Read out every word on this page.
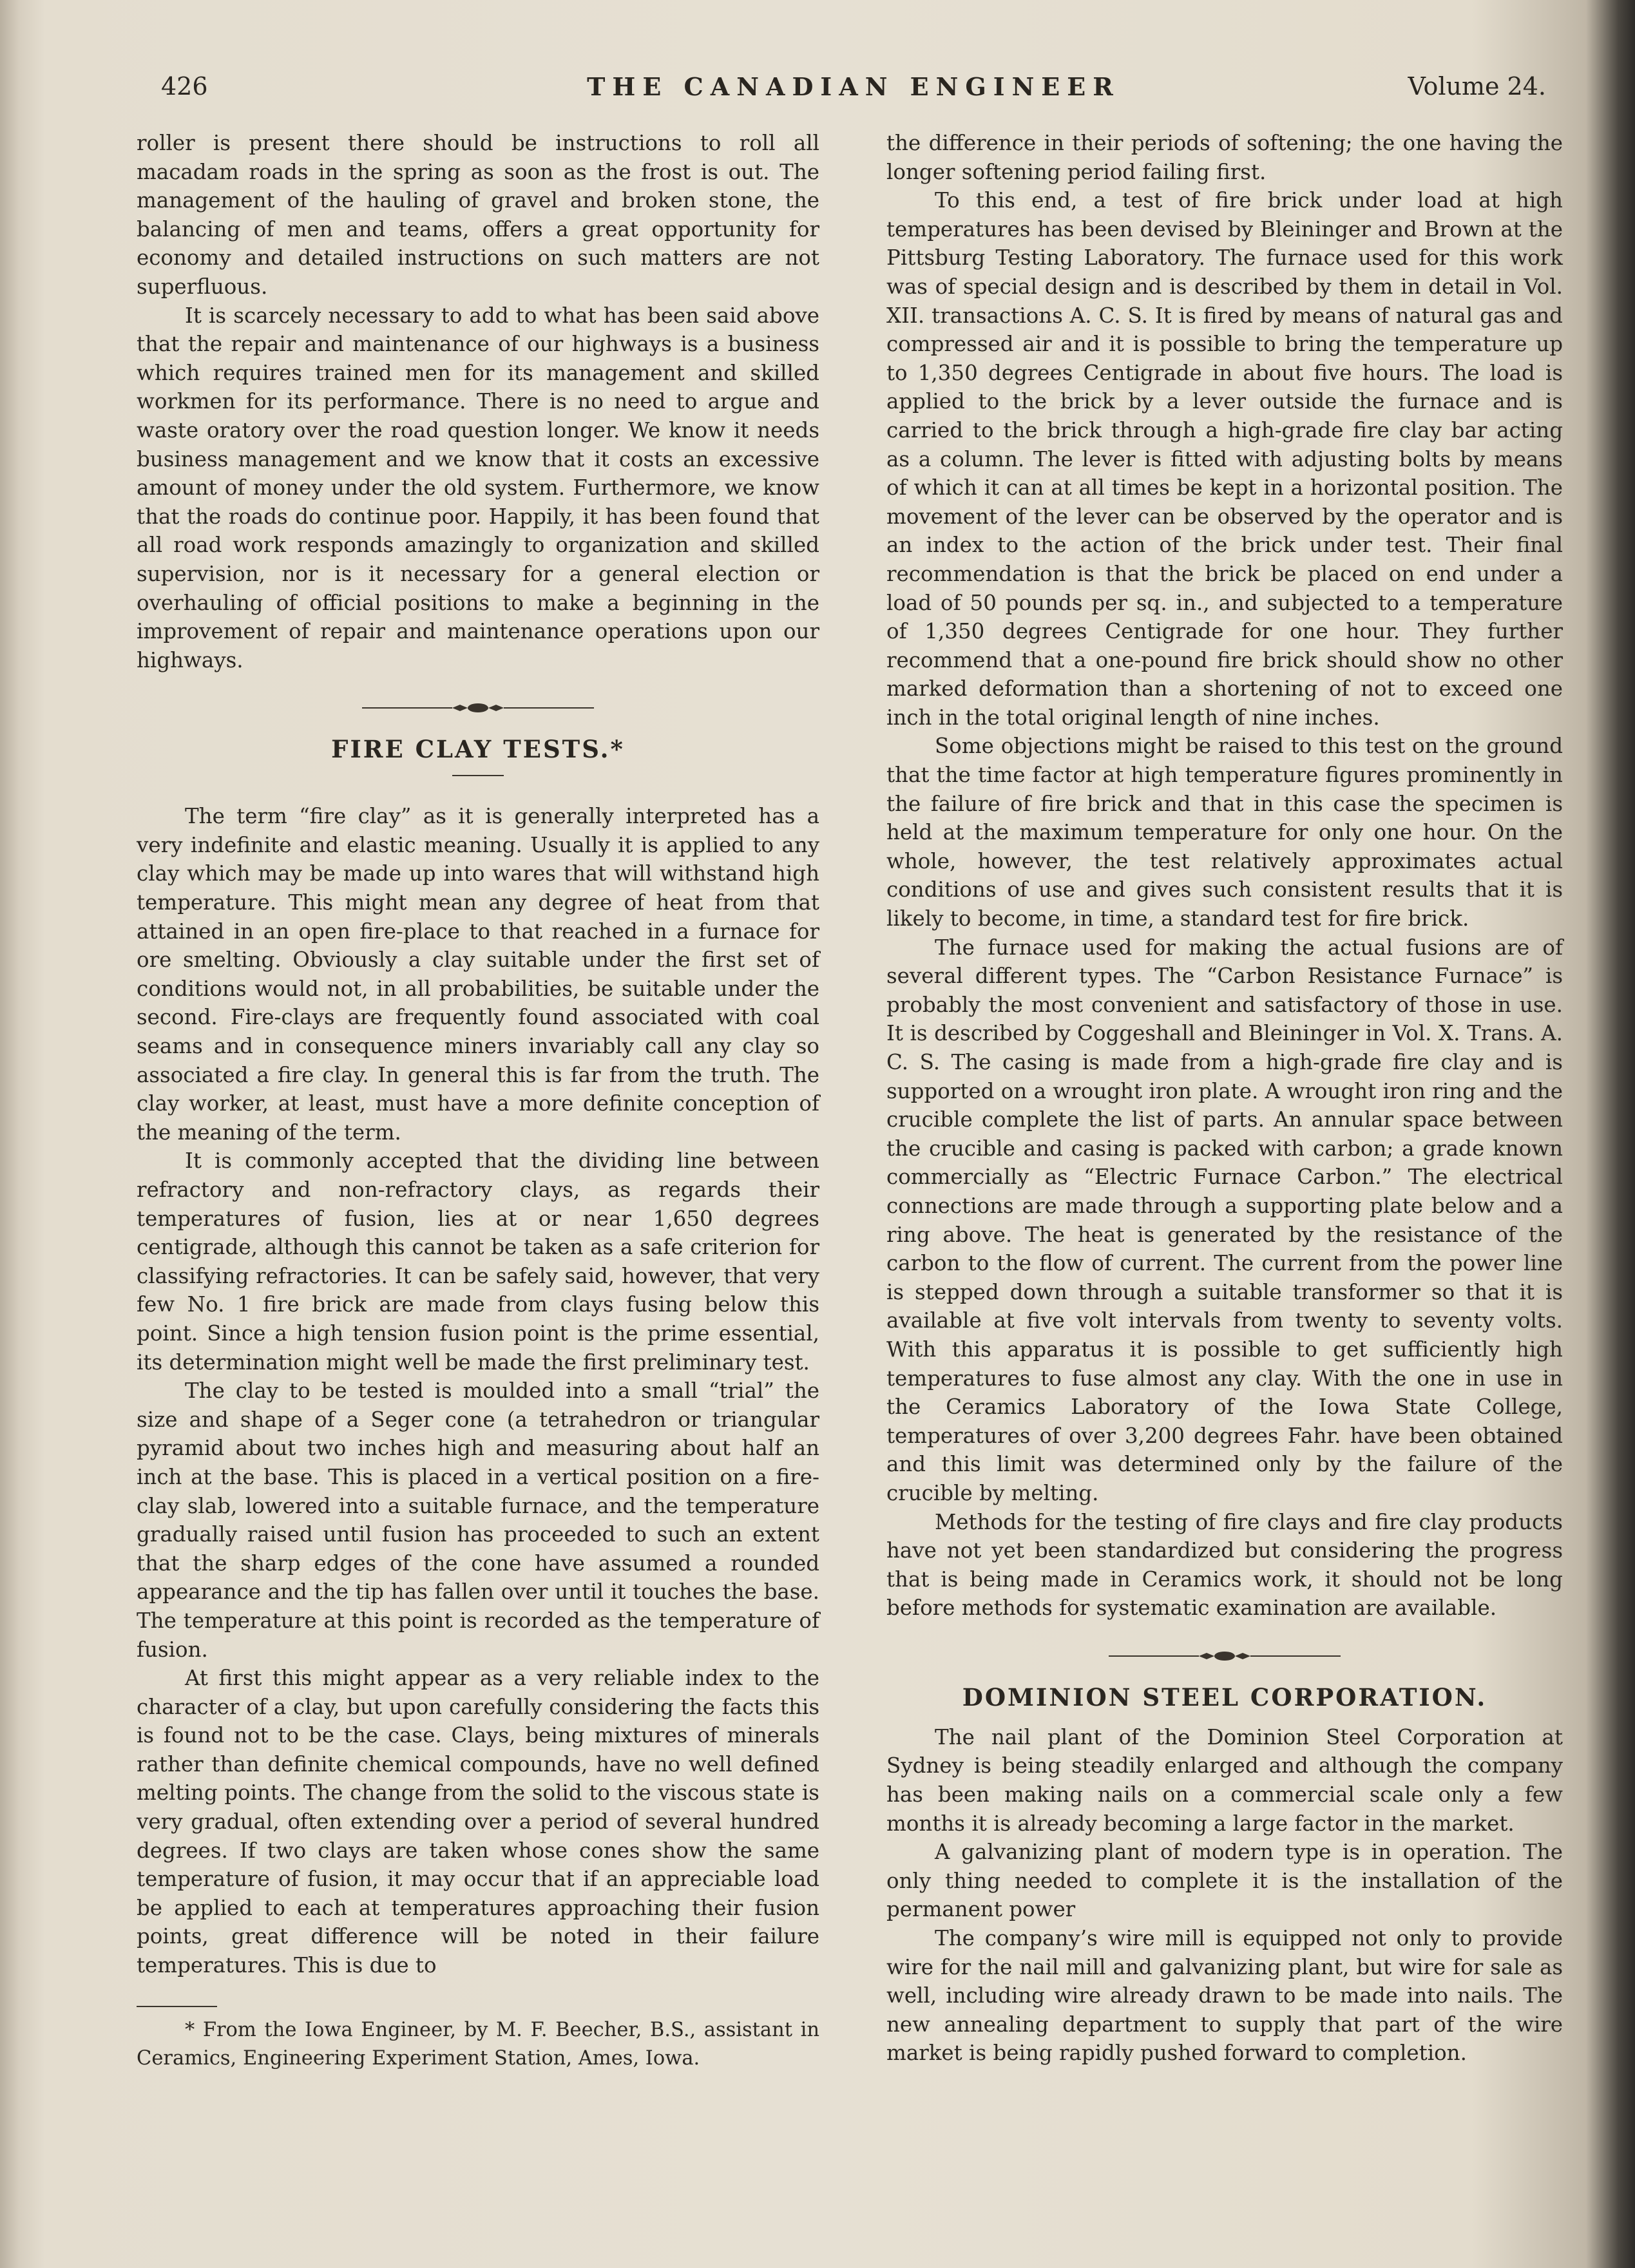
426	THE CANADIAN ENGINEER	Volume 24.

roller is present there should be instructions to roll all macadam roads in the spring as soon as the frost is out. The management of the hauling of gravel and broken stone, the balancing of men and teams, offers a great opportunity for economy and detailed instructions on such matters are not superfluous.

It is scarcely necessary to add to what has been said above that the repair and maintenance of our highways is a business which requires trained men for its management and skilled workmen for its performance. There is no need to argue and waste oratory over the road question longer. We know it needs business management and we know that it costs an excessive amount of money under the old system. Furthermore, we know that the roads do continue poor. Happily, it has been found that all road work responds amazingly to organization and skilled supervision, nor is it necessary for a general election or overhauling of official positions to make a beginning in the improvement of repair and maintenance operations upon our highways.

FIRE CLAY TESTS.*

The term “fire clay” as it is generally interpreted has a very indefinite and elastic meaning. Usually it is applied to any clay which may be made up into wares that will withstand high temperature. This might mean any degree of heat from that attained in an open fire-place to that reached in a furnace for ore smelting. Obviously a clay suitable under the first set of conditions would not, in all probabilities, be suitable under the second. Fire-clays are frequently found associated with coal seams and in consequence miners invariably call any clay so associated a fire clay. In general this is far from the truth. The clay worker, at least, must have a more definite conception of the meaning of the term.

It is commonly accepted that the dividing line between refractory and non-refractory clays, as regards their temperatures of fusion, lies at or near 1,650 degrees centigrade, although this cannot be taken as a safe criterion for classifying refractories. It can be safely said, however, that very few No. 1 fire brick are made from clays fusing below this point. Since a high tension fusion point is the prime essential, its determination might well be made the first preliminary test.

The clay to be tested is moulded into a small “trial” the size and shape of a Seger cone (a tetrahedron or triangular pyramid about two inches high and measuring about half an inch at the base. This is placed in a vertical position on a fire-clay slab, lowered into a suitable furnace, and the temperature gradually raised until fusion has proceeded to such an extent that the sharp edges of the cone have assumed a rounded appearance and the tip has fallen over until it touches the base. The temperature at this point is recorded as the temperature of fusion.

At first this might appear as a very reliable index to the character of a clay, but upon carefully considering the facts this is found not to be the case. Clays, being mixtures of minerals rather than definite chemical compounds, have no well defined melting points. The change from the solid to the viscous state is very gradual, often extending over a period of several hundred degrees. If two clays are taken whose cones show the same temperature of fusion, it may occur that if an appreciable load be applied to each at temperatures approaching their fusion points, great difference will be noted in their failure temperatures. This is due to

* From the Iowa Engineer, by M. F. Beecher, B.S., assistant in Ceramics, Engineering Experiment Station, Ames, Iowa.

the difference in their periods of softening; the one having the longer softening period failing first.

To this end, a test of fire brick under load at high temperatures has been devised by Bleininger and Brown at the Pittsburg Testing Laboratory. The furnace used for this work was of special design and is described by them in detail in Vol. XII. transactions A. C. S. It is fired by means of natural gas and compressed air and it is possible to bring the temperature up to 1,350 degrees Centigrade in about five hours. The load is applied to the brick by a lever outside the furnace and is carried to the brick through a high-grade fire clay bar acting as a column. The lever is fitted with adjusting bolts by means of which it can at all times be kept in a horizontal position. The movement of the lever can be observed by the operator and is an index to the action of the brick under test. Their final recommendation is that the brick be placed on end under a load of 50 pounds per sq. in., and subjected to a temperature of 1,350 degrees Centigrade for one hour. They further recommend that a one-pound fire brick should show no other marked deformation than a shortening of not to exceed one inch in the total original length of nine inches.

Some objections might be raised to this test on the ground that the time factor at high temperature figures prominently in the failure of fire brick and that in this case the specimen is held at the maximum temperature for only one hour. On the whole, however, the test relatively approximates actual conditions of use and gives such consistent results that it is likely to become, in time, a standard test for fire brick.

The furnace used for making the actual fusions are of several different types. The “Carbon Resistance Furnace” is probably the most convenient and satisfactory of those in use. It is described by Coggeshall and Bleininger in Vol. X. Trans. A. C. S. The casing is made from a high-grade fire clay and is supported on a wrought iron plate. A wrought iron ring and the crucible complete the list of parts. An annular space between the crucible and casing is packed with carbon; a grade known commercially as “Electric Furnace Carbon.” The electrical connections are made through a supporting plate below and a ring above. The heat is generated by the resistance of the carbon to the flow of current. The current from the power line is stepped down through a suitable transformer so that it is available at five volt intervals from twenty to seventy volts. With this apparatus it is possible to get sufficiently high temperatures to fuse almost any clay. With the one in use in the Ceramics Laboratory of the Iowa State College, temperatures of over 3,200 degrees Fahr. have been obtained and this limit was determined only by the failure of the crucible by melting.

Methods for the testing of fire clays and fire clay products have not yet been standardized but considering the progress that is being made in Ceramics work, it should not be long before methods for systematic examination are available.

DOMINION STEEL CORPORATION.

The nail plant of the Dominion Steel Corporation at Sydney is being steadily enlarged and although the company has been making nails on a commercial scale only a few months it is already becoming a large factor in the market.

A galvanizing plant of modern type is in operation. The only thing needed to complete it is the installation of the permanent power

The company’s wire mill is equipped not only to provide wire for the nail mill and galvanizing plant, but wire for sale as well, including wire already drawn to be made into nails. The new annealing department to supply that part of the wire market is being rapidly pushed forward to completion.
